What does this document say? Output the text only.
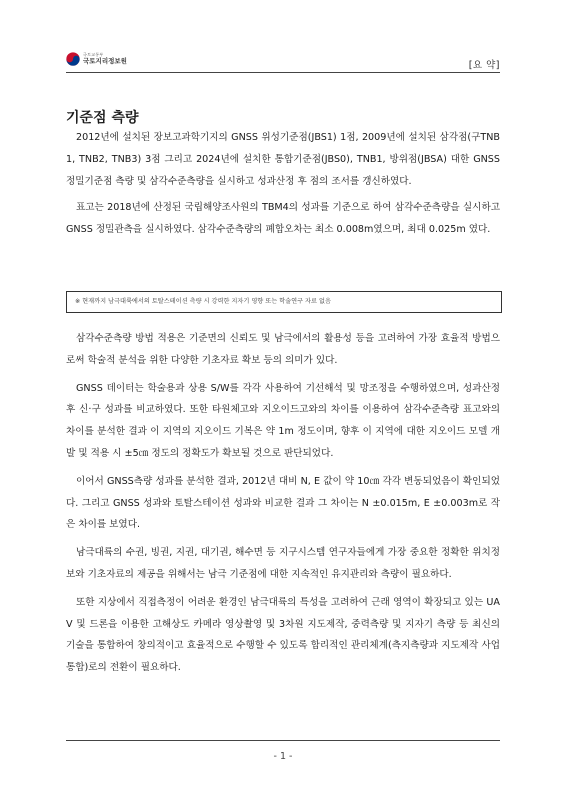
국토교통부
국토지리정보원	[요 약]
기준점 측량

2012년에 설치된 장보고과학기지의 GNSS 위성기준점(JBS1) 1점, 2009년에 설치된 삼각점(구TNB1, TNB2, TNB3) 3점 그리고 2024년에 설치한 통합기준점(JBS0), TNB1, 방위점(JBSA) 대한 GNSS 정밀기준점 측량 및 삼각수준측량을 실시하고 성과산정 후 점의 조서를 갱신하였다.

표고는 2018년에 산정된 국립해양조사원의 TBM4의 성과를 기준으로 하여 삼각수준측량을 실시하고 GNSS 정밀관측을 실시하였다. 삼각수준측량의 폐합오차는 최소 0.008m였으며, 최대 0.025m 였다.

※ 현재까지 남극대륙에서의 토탈스테이션 측량 시 강력한 지자기 영향 또는 학술연구 자료 없음

삼각수준측량 방법 적용은 기준면의 신뢰도 및 남극에서의 활용성 등을 고려하여 가장 효율적 방법으로써 학술적 분석을 위한 다양한 기초자료 확보 등의 의미가 있다.

GNSS 데이터는 학술용과 상용 S/W를 각각 사용하여 기선해석 및 망조정을 수행하였으며, 성과산정 후 신·구 성과를 비교하였다. 또한 타원체고와 지오이드고와의 차이를 이용하여 삼각수준측량 표고와의 차이를 분석한 결과 이 지역의 지오이드 기복은 약 1m 정도이며, 향후 이 지역에 대한 지오이드 모델 개발 및 적용 시 ±5㎝ 정도의 정확도가 확보될 것으로 판단되었다.

이어서 GNSS측량 성과를 분석한 결과, 2012년 대비 N, E 값이 약 10㎝ 각각 변동되었음이 확인되었다. 그리고 GNSS 성과와 토탈스테이션 성과와 비교한 결과 그 차이는 N ±0.015m, E ±0.003m로 작은 차이를 보였다.

남극대륙의 수권, 빙권, 지권, 대기권, 해수면 등 지구시스템 연구자들에게 가장 중요한 정확한 위치정보와 기초자료의 제공을 위해서는 남극 기준점에 대한 지속적인 유지관리와 측량이 필요하다.

또한 지상에서 직접측정이 어려운 환경인 남극대륙의 특성을 고려하여 근래 영역이 확장되고 있는 UAV 및 드론을 이용한 고해상도 카메라 영상촬영 및 3차원 지도제작, 중력측량 및 지자기 측량 등 최신의 기술을 통합하여 창의적이고 효율적으로 수행할 수 있도록 합리적인 관리체계(측지측량과 지도제작 사업 통합)로의 전환이 필요하다.

- 1 -
